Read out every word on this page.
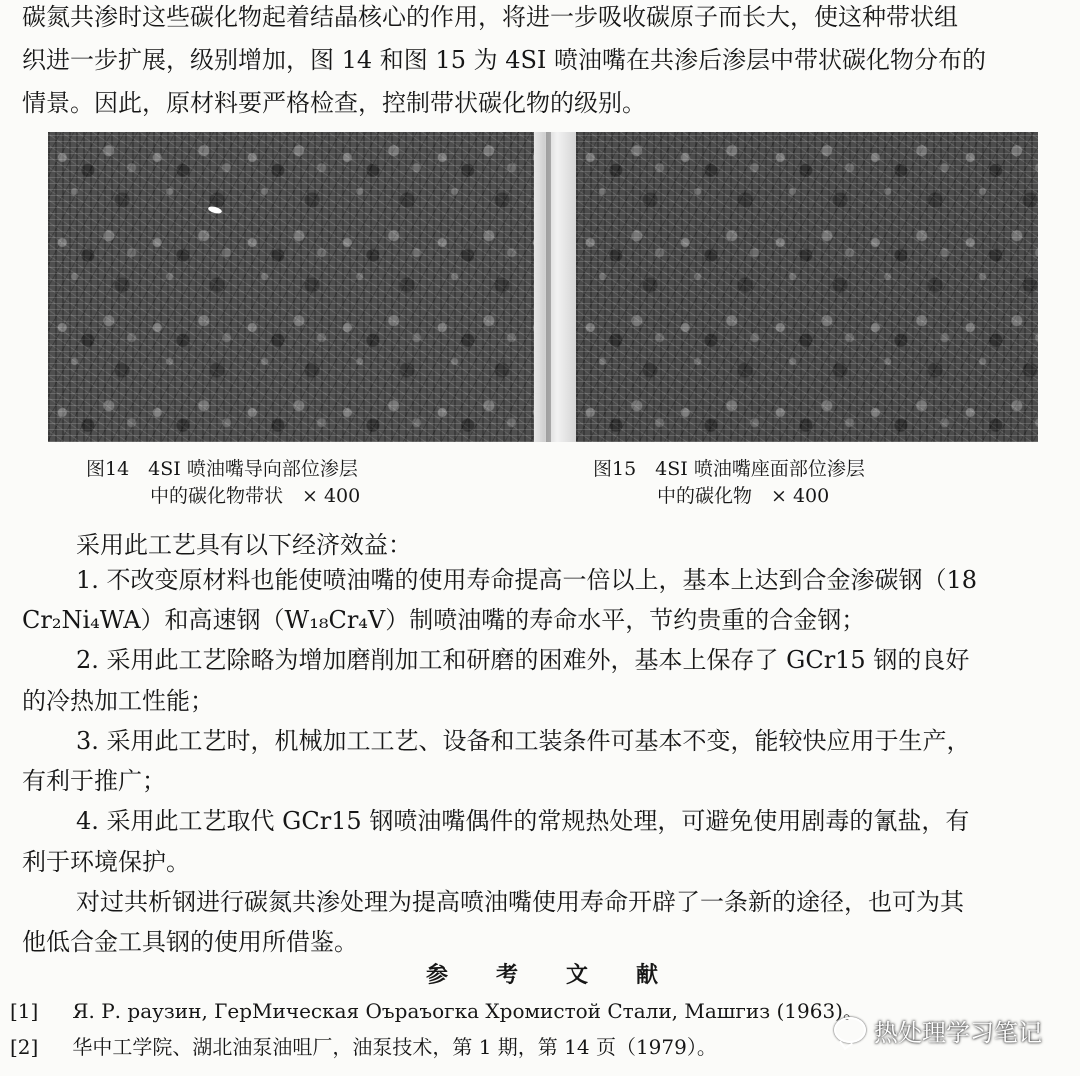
碳氮共渗时这些碳化物起着结晶核心的作用，将进一步吸收碳原子而长大，使这种带状组
织进一步扩展，级别增加，图 14 和图 15 为 4SI 喷油嘴在共渗后渗层中带状碳化物分布的
情景。因此，原材料要严格检查，控制带状碳化物的级别。
图14　4SI 喷油嘴导向部位渗层
中的碳化物带状　× 400
图15　4SI 喷油嘴座面部位渗层
中的碳化物　× 400
采用此工艺具有以下经济效益：
1. 不改变原材料也能使喷油嘴的使用寿命提高一倍以上，基本上达到合金渗碳钢（18
Cr₂Ni₄WA）和高速钢（W₁₈Cr₄V）制喷油嘴的寿命水平，节约贵重的合金钢；
2. 采用此工艺除略为增加磨削加工和研磨的困难外，基本上保存了 GCr15 钢的良好
的冷热加工性能；
3. 采用此工艺时，机械加工工艺、设备和工装条件可基本不变，能较快应用于生产，
有利于推广；
4. 采用此工艺取代 GCr15 钢喷油嘴偶件的常规热处理，可避免使用剧毒的氰盐，有
利于环境保护。
对过共析钢进行碳氮共渗处理为提高喷油嘴使用寿命开辟了一条新的途径，也可为其
他低合金工具钢的使用所借鉴。
参考文献
[1] Я. Р. раузин, ГерМическая Оъраъогка Хромистой Стали, Машгиз (1963)。
[2] 华中工学院、湖北油泵油咀厂，油泵技术，第 1 期，第 14 页（1979）。
热处理学习笔记
